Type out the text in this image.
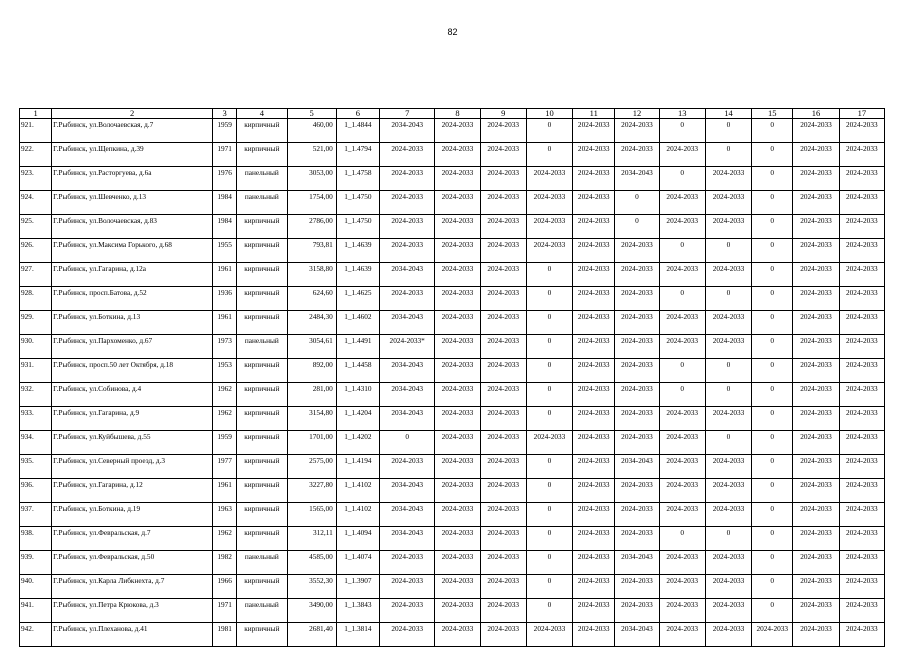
82
1	2	3	4	5	6	7	8	9	10	11	12	13	14	15	16	17
921.	Г.Рыбинск, ул.Волочаевская, д.7	1959	кирпичный	460,00	1_1.4844	2034-2043	2024-2033	2024-2033	0	2024-2033	2024-2033	0	0	0	2024-2033	2024-2033
922.	Г.Рыбинск, ул.Щепкина, д.39	1971	кирпичный	521,00	1_1.4794	2024-2033	2024-2033	2024-2033	0	2024-2033	2024-2033	2024-2033	0	0	2024-2033	2024-2033
923.	Г.Рыбинск, ул.Расторгуева, д.6а	1976	панельный	3053,00	1_1.4758	2024-2033	2024-2033	2024-2033	2024-2033	2024-2033	2034-2043	0	2024-2033	0	2024-2033	2024-2033
924.	Г.Рыбинск, ул.Шевченко, д.13	1984	панельный	1754,00	1_1.4750	2024-2033	2024-2033	2024-2033	2024-2033	2024-2033	0	2024-2033	2024-2033	0	2024-2033	2024-2033
925.	Г.Рыбинск, ул.Волочаевская, д.83	1984	кирпичный	2786,00	1_1.4750	2024-2033	2024-2033	2024-2033	2024-2033	2024-2033	0	2024-2033	2024-2033	0	2024-2033	2024-2033
926.	Г.Рыбинск, ул.Максима Горького, д.68	1955	кирпичный	793,81	1_1.4639	2024-2033	2024-2033	2024-2033	2024-2033	2024-2033	2024-2033	0	0	0	2024-2033	2024-2033
927.	Г.Рыбинск, ул.Гагарина, д.12а	1961	кирпичный	3158,80	1_1.4639	2034-2043	2024-2033	2024-2033	0	2024-2033	2024-2033	2024-2033	2024-2033	0	2024-2033	2024-2033
928.	Г.Рыбинск, просп.Батова, д.52	1936	кирпичный	624,60	1_1.4625	2024-2033	2024-2033	2024-2033	0	2024-2033	2024-2033	0	0	0	2024-2033	2024-2033
929.	Г.Рыбинск, ул.Боткина, д.13	1961	кирпичный	2484,30	1_1.4602	2034-2043	2024-2033	2024-2033	0	2024-2033	2024-2033	2024-2033	2024-2033	0	2024-2033	2024-2033
930.	Г.Рыбинск, ул.Пархоменко, д.67	1973	панельный	3054,61	1_1.4491	2024-2033*	2024-2033	2024-2033	0	2024-2033	2024-2033	2024-2033	2024-2033	0	2024-2033	2024-2033
931.	Г.Рыбинск, просп.50 лет Октября, д.18	1953	кирпичный	892,00	1_1.4458	2034-2043	2024-2033	2024-2033	0	2024-2033	2024-2033	0	0	0	2024-2033	2024-2033
932.	Г.Рыбинск, ул.Собинова, д.4	1962	кирпичный	281,00	1_1.4310	2034-2043	2024-2033	2024-2033	0	2024-2033	2024-2033	0	0	0	2024-2033	2024-2033
933.	Г.Рыбинск, ул.Гагарина, д.9	1962	кирпичный	3154,80	1_1.4204	2034-2043	2024-2033	2024-2033	0	2024-2033	2024-2033	2024-2033	2024-2033	0	2024-2033	2024-2033
934.	Г.Рыбинск, ул.Куйбышева, д.55	1959	кирпичный	1701,00	1_1.4202	0	2024-2033	2024-2033	2024-2033	2024-2033	2024-2033	2024-2033	0	0	2024-2033	2024-2033
935.	Г.Рыбинск, ул.Северный проезд, д.3	1977	кирпичный	2575,00	1_1.4194	2024-2033	2024-2033	2024-2033	0	2024-2033	2034-2043	2024-2033	2024-2033	0	2024-2033	2024-2033
936.	Г.Рыбинск, ул.Гагарина, д.12	1961	кирпичный	3227,80	1_1.4102	2034-2043	2024-2033	2024-2033	0	2024-2033	2024-2033	2024-2033	2024-2033	0	2024-2033	2024-2033
937.	Г.Рыбинск, ул.Боткина, д.19	1963	кирпичный	1565,00	1_1.4102	2034-2043	2024-2033	2024-2033	0	2024-2033	2024-2033	2024-2033	2024-2033	0	2024-2033	2024-2033
938.	Г.Рыбинск, ул.Февральская, д.7	1962	кирпичный	312,11	1_1.4094	2034-2043	2024-2033	2024-2033	0	2024-2033	2024-2033	0	0	0	2024-2033	2024-2033
939.	Г.Рыбинск, ул.Февральская, д.50	1982	панельный	4585,00	1_1.4074	2024-2033	2024-2033	2024-2033	0	2024-2033	2034-2043	2024-2033	2024-2033	0	2024-2033	2024-2033
940.	Г.Рыбинск, ул.Карла Либкнехта, д.7	1966	кирпичный	3552,30	1_1.3907	2024-2033	2024-2033	2024-2033	0	2024-2033	2024-2033	2024-2033	2024-2033	0	2024-2033	2024-2033
941.	Г.Рыбинск, ул.Петра Крюкова, д.3	1971	панельный	3490,00	1_1.3843	2024-2033	2024-2033	2024-2033	0	2024-2033	2024-2033	2024-2033	2024-2033	0	2024-2033	2024-2033
942.	Г.Рыбинск, ул.Плеханова, д.41	1981	кирпичный	2681,40	1_1.3814	2024-2033	2024-2033	2024-2033	2024-2033	2024-2033	2034-2043	2024-2033	2024-2033	2024-2033	2024-2033	2024-2033
